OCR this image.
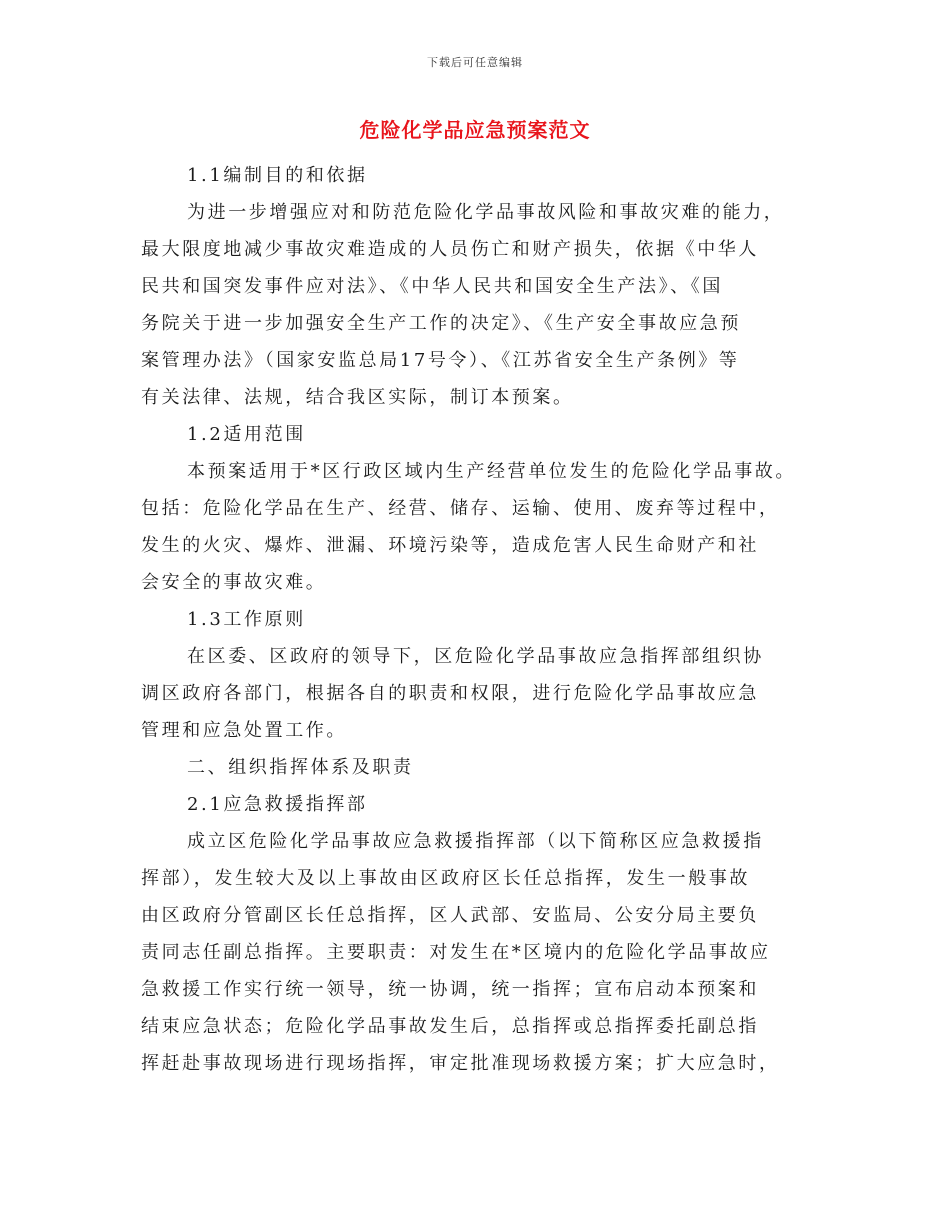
下载后可任意编辑
危险化学品应急预案范文
1.1编制目的和依据
为进一步增强应对和防范危险化学品事故风险和事故灾难的能力，
最大限度地减少事故灾难造成的人员伤亡和财产损失，依据《中华人
民共和国突发事件应对法》、《中华人民共和国安全生产法》、《国
务院关于进一步加强安全生产工作的决定》、《生产安全事故应急预
案管理办法》（国家安监总局17号令）、《江苏省安全生产条例》等
有关法律、法规，结合我区实际，制订本预案。
1.2适用范围
本预案适用于*区行政区域内生产经营单位发生的危险化学品事故。
包括：危险化学品在生产、经营、储存、运输、使用、废弃等过程中，
发生的火灾、爆炸、泄漏、环境污染等，造成危害人民生命财产和社
会安全的事故灾难。
1.3工作原则
在区委、区政府的领导下，区危险化学品事故应急指挥部组织协
调区政府各部门，根据各自的职责和权限，进行危险化学品事故应急
管理和应急处置工作。
二、组织指挥体系及职责
2.1应急救援指挥部
成立区危险化学品事故应急救援指挥部（以下简称区应急救援指
挥部），发生较大及以上事故由区政府区长任总指挥，发生一般事故
由区政府分管副区长任总指挥，区人武部、安监局、公安分局主要负
责同志任副总指挥。主要职责：对发生在*区境内的危险化学品事故应
急救援工作实行统一领导，统一协调，统一指挥；宣布启动本预案和
结束应急状态；危险化学品事故发生后，总指挥或总指挥委托副总指
挥赶赴事故现场进行现场指挥，审定批准现场救援方案；扩大应急时，
